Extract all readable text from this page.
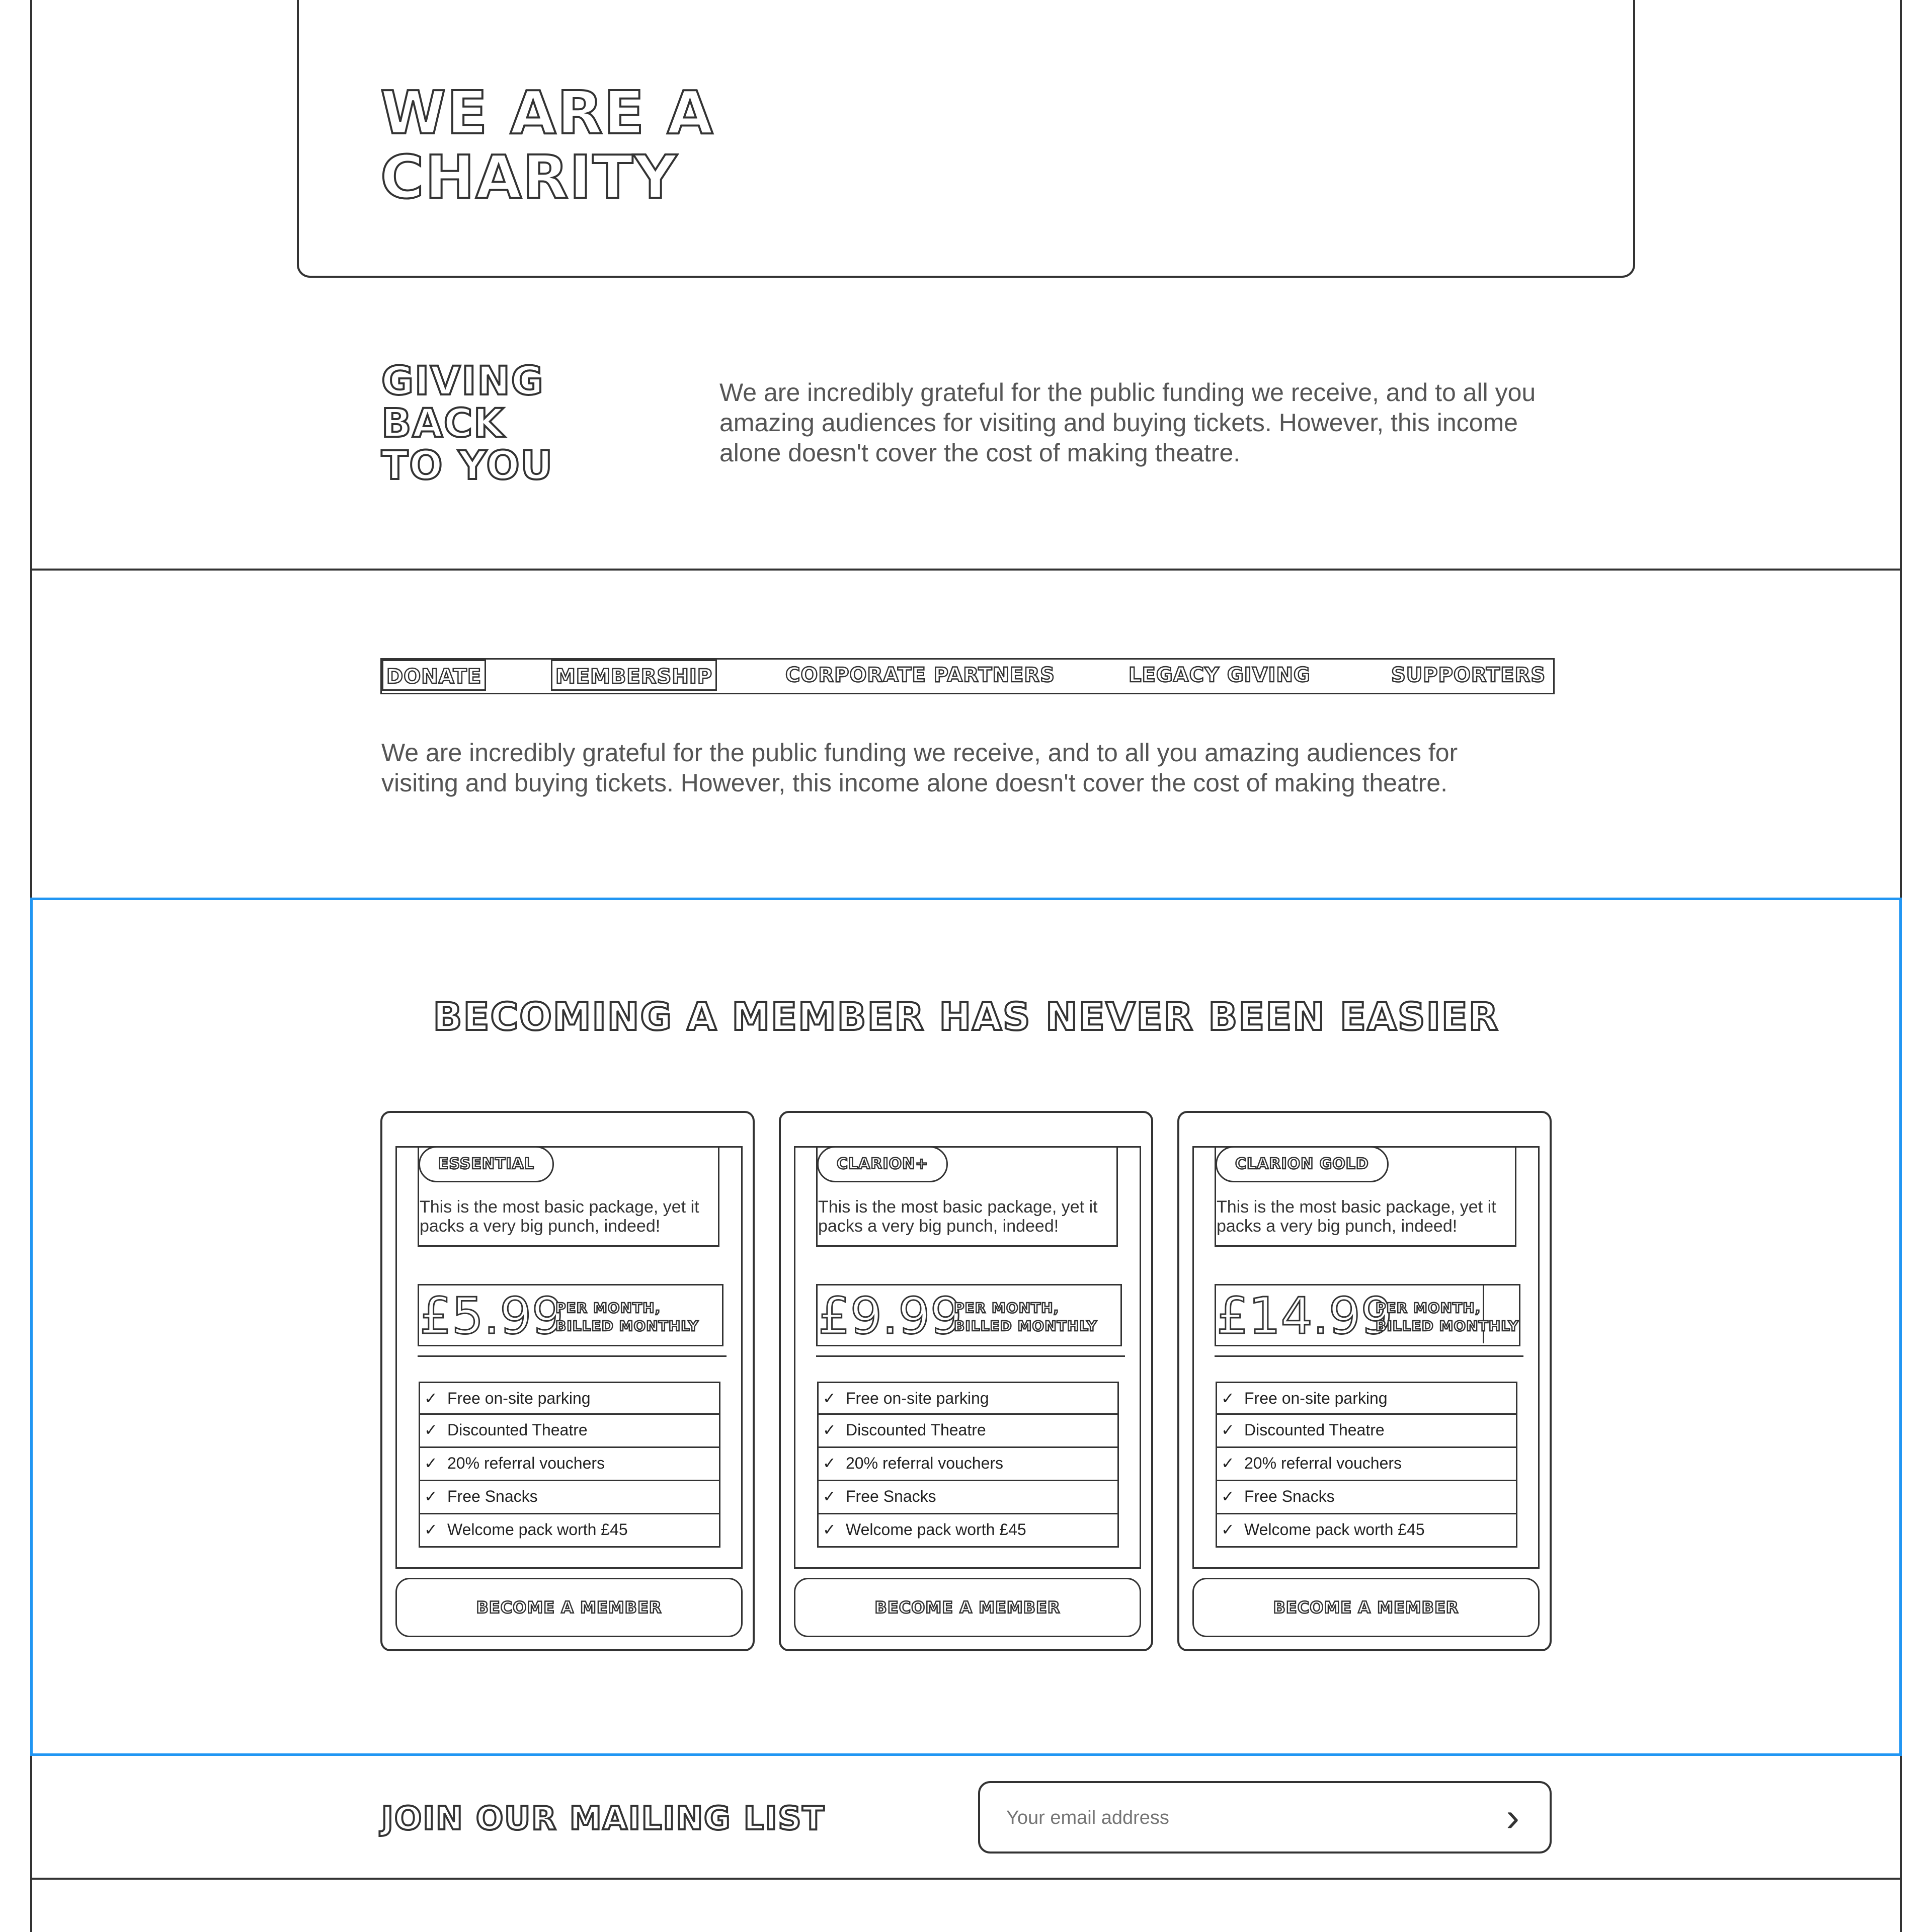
WE ARE A
CHARITY
GIVING
BACK
TO YOU

We are incredibly grateful for the public funding we receive, and to all you amazing audiences for visiting and buying tickets. However, this income alone doesn't cover the cost of making theatre.

DONATE	MEMBERSHIP	CORPORATE PARTNERS	LEGACY GIVING	SUPPORTERS

We are incredibly grateful for the public funding we receive, and to all you amazing audiences for visiting and buying tickets. However, this income alone doesn't cover the cost of making theatre.

BECOMING A MEMBER HAS NEVER BEEN EASIER
ESSENTIAL
This is the most basic package, yet it packs a very big punch, indeed!
£5.99
PER MONTH,
BILLED MONTHLY
✓ Free on-site parking
✓ Discounted Theatre
✓ 20% referral vouchers
✓ Free Snacks
✓ Welcome pack worth £45
BECOME A MEMBER
CLARION+
This is the most basic package, yet it packs a very big punch, indeed!
£9.99
PER MONTH,
BILLED MONTHLY
✓ Free on-site parking
✓ Discounted Theatre
✓ 20% referral vouchers
✓ Free Snacks
✓ Welcome pack worth £45
BECOME A MEMBER
CLARION GOLD
This is the most basic package, yet it packs a very big punch, indeed!
£14.99
PER MONTH,
BILLED MONTHLY
✓ Free on-site parking
✓ Discounted Theatre
✓ 20% referral vouchers
✓ Free Snacks
✓ Welcome pack worth £45
BECOME A MEMBER
JOIN OUR MAILING LIST
Your email address	›
